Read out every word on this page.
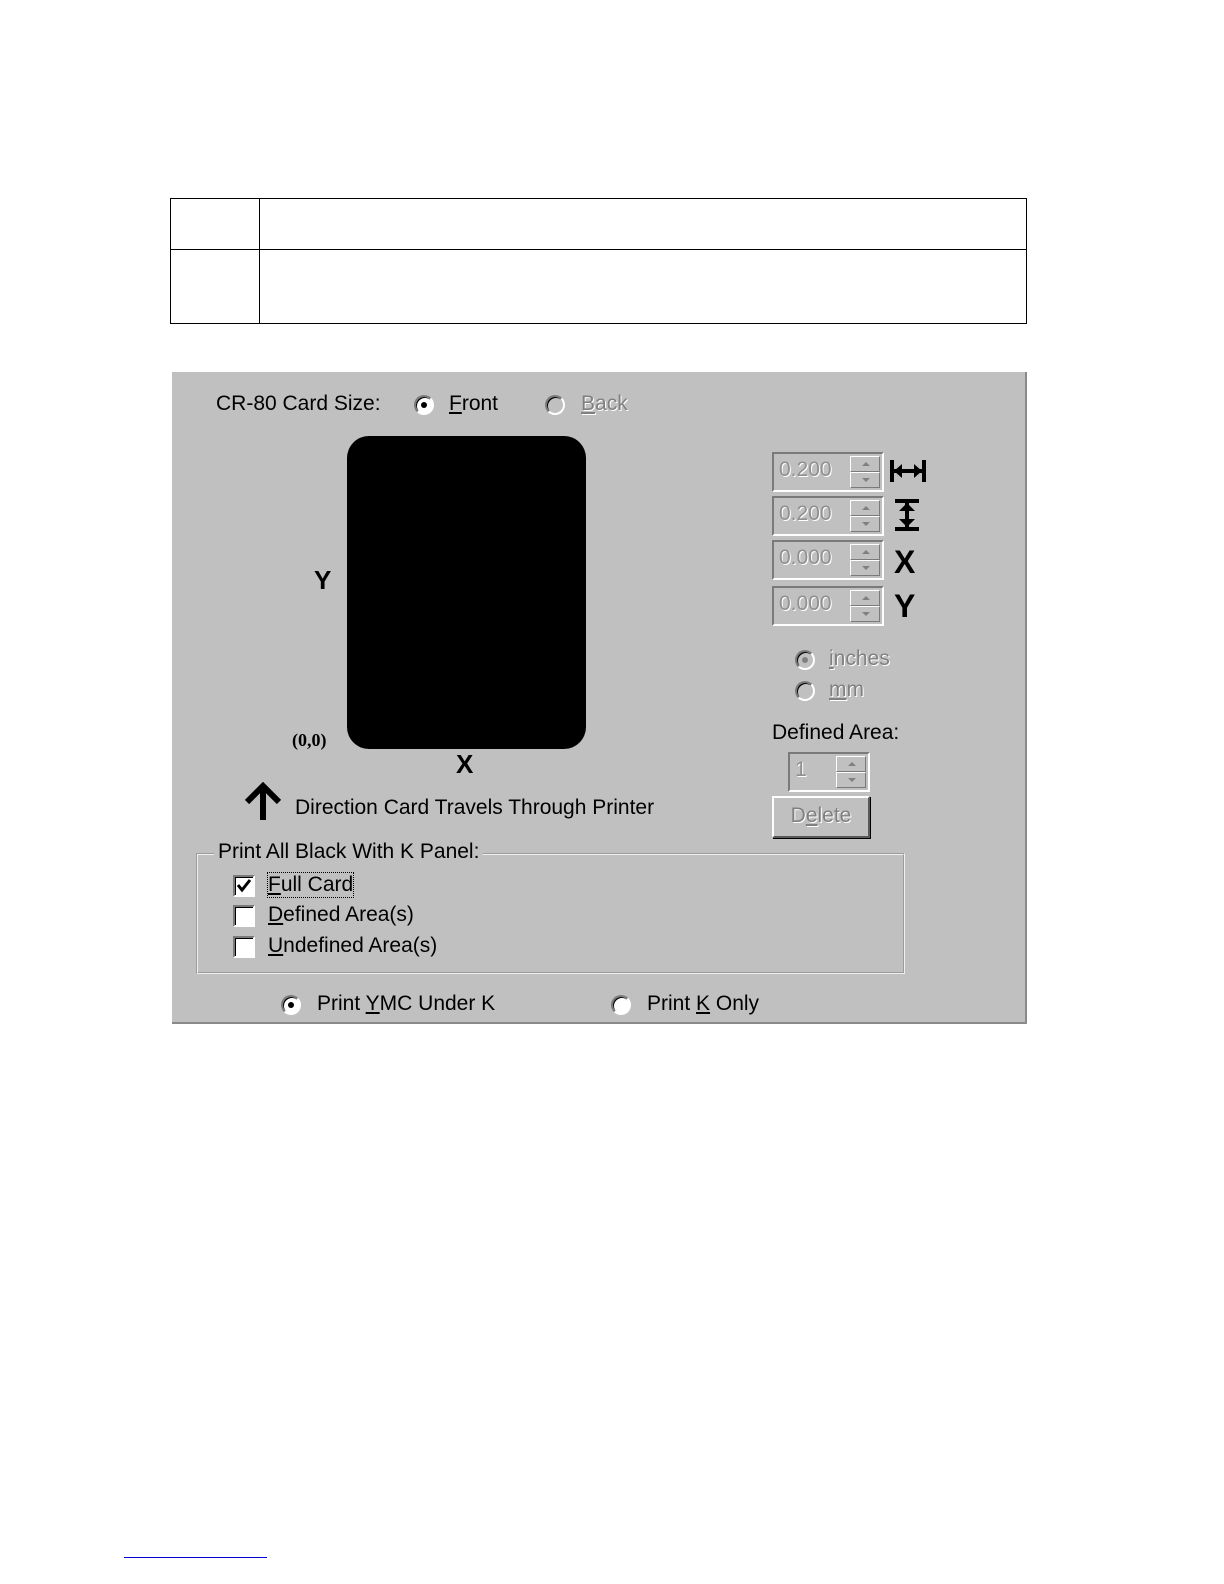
CR-80 Card Size:	Front	Back
Y
X
(0,0)
Direction Card Travels Through Printer
0.200
0.200
0.000 X
0.000 Y
inches
mm
Defined Area:
1
Delete
Print All Black With K Panel:
Full Card
Defined Area(s)
Undefined Area(s)
Print YMC Under K	Print K Only
